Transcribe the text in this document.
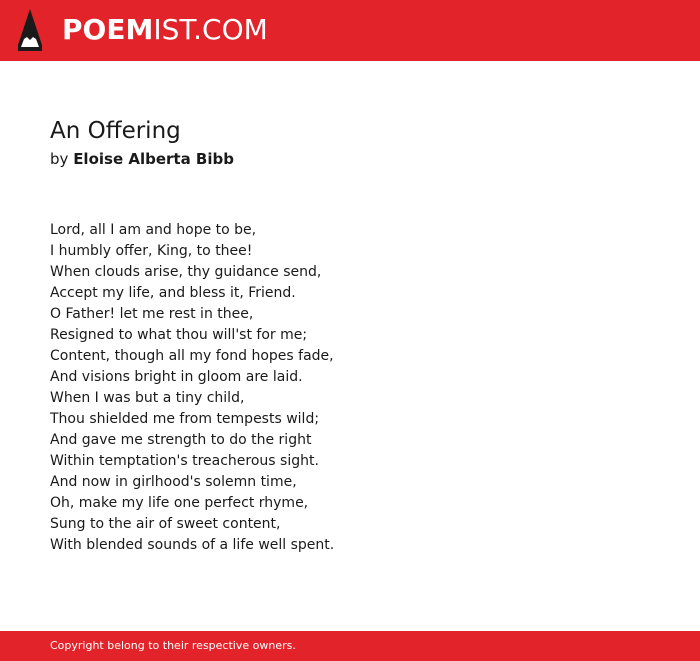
POEMIST.COM
An Offering
by Eloise Alberta Bibb
Lord, all I am and hope to be,
I humbly offer, King, to thee!
When clouds arise, thy guidance send,
Accept my life, and bless it, Friend.
O Father! let me rest in thee,
Resigned to what thou will'st for me;
Content, though all my fond hopes fade,
And visions bright in gloom are laid.
When I was but a tiny child,
Thou shielded me from tempests wild;
And gave me strength to do the right
Within temptation's treacherous sight.
And now in girlhood's solemn time,
Oh, make my life one perfect rhyme,
Sung to the air of sweet content,
With blended sounds of a life well spent.
Copyright belong to their respective owners.
